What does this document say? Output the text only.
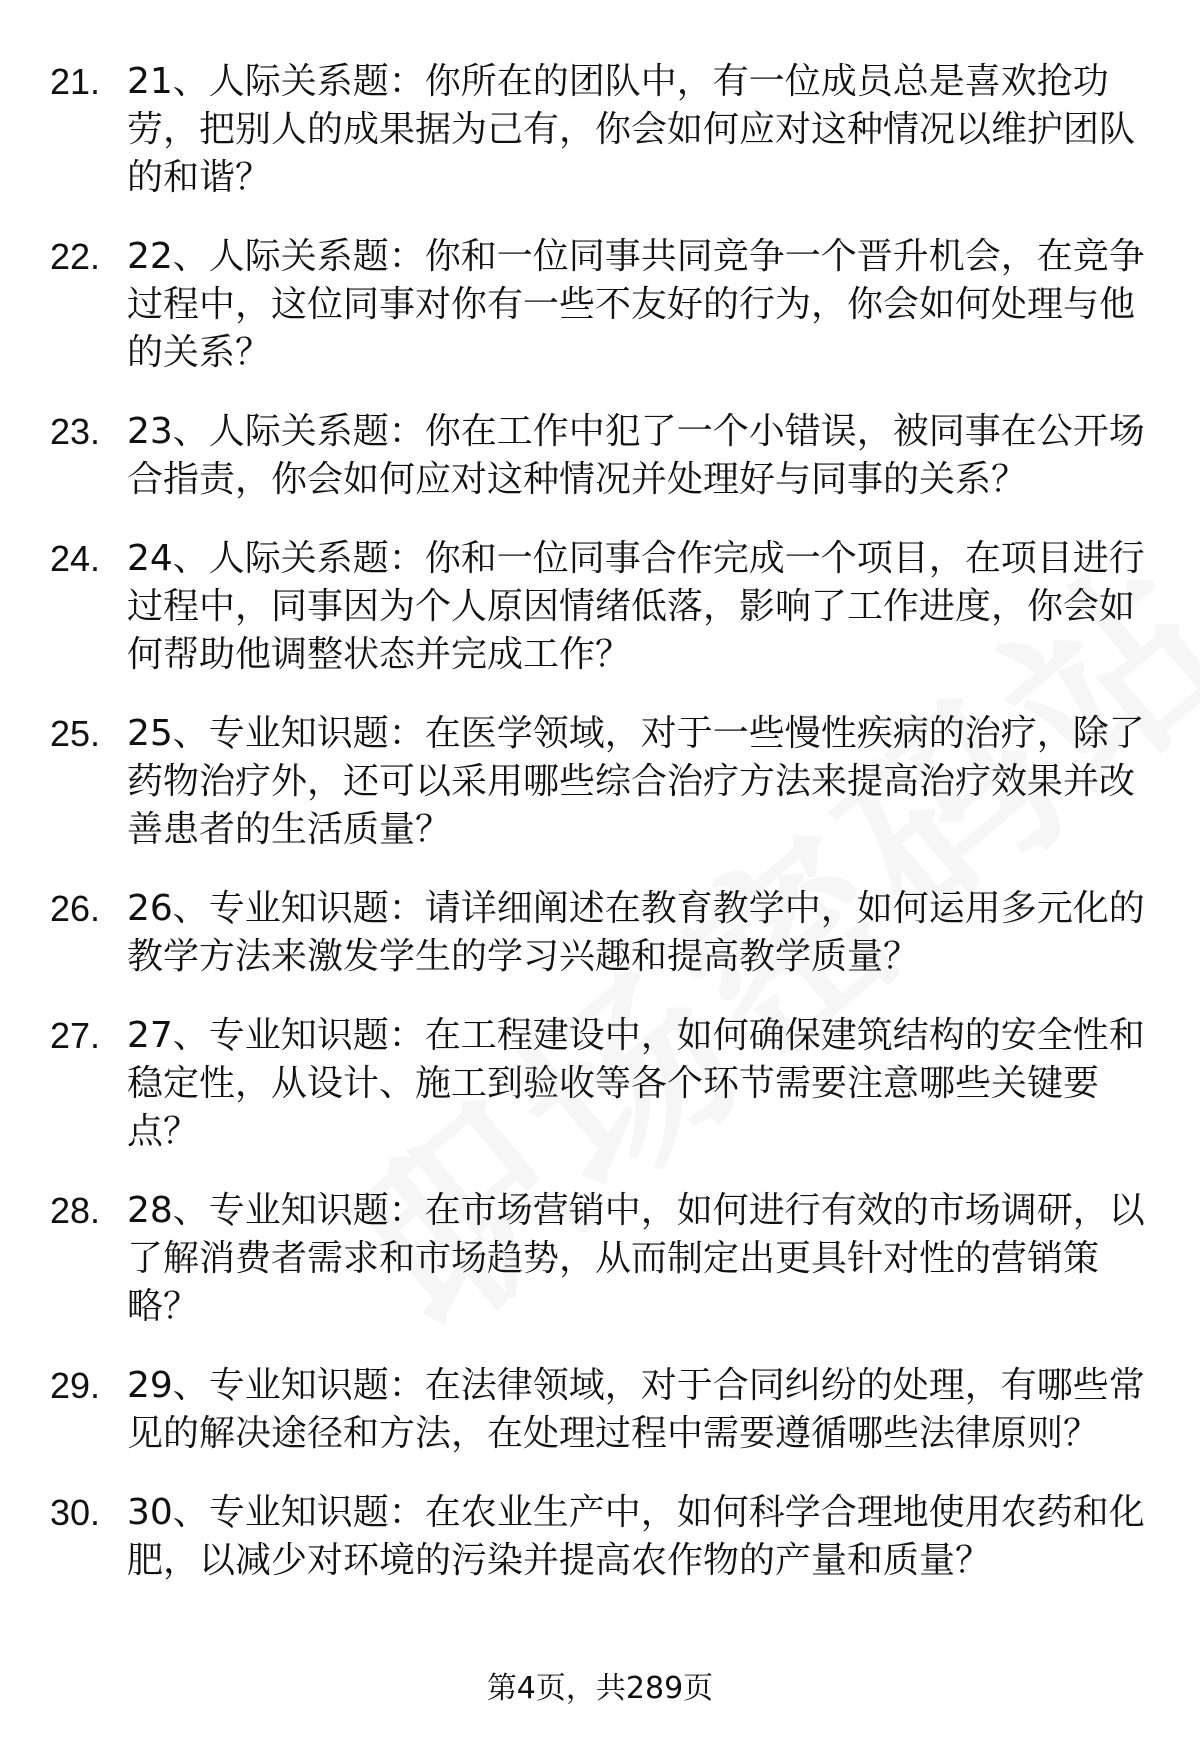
21. 21、人际关系题：你所在的团队中，有一位成员总是喜欢抢功劳，把别人的成果据为己有，你会如何应对这种情况以维护团队的和谐？
22. 22、人际关系题：你和一位同事共同竞争一个晋升机会，在竞争过程中，这位同事对你有一些不友好的行为，你会如何处理与他的关系？
23. 23、人际关系题：你在工作中犯了一个小错误，被同事在公开场合指责，你会如何应对这种情况并处理好与同事的关系？
24. 24、人际关系题：你和一位同事合作完成一个项目，在项目进行过程中，同事因为个人原因情绪低落，影响了工作进度，你会如何帮助他调整状态并完成工作？
25. 25、专业知识题：在医学领域，对于一些慢性疾病的治疗，除了药物治疗外，还可以采用哪些综合治疗方法来提高治疗效果并改善患者的生活质量？
26. 26、专业知识题：请详细阐述在教育教学中，如何运用多元化的教学方法来激发学生的学习兴趣和提高教学质量？
27. 27、专业知识题：在工程建设中，如何确保建筑结构的安全性和稳定性，从设计、施工到验收等各个环节需要注意哪些关键要点？
28. 28、专业知识题：在市场营销中，如何进行有效的市场调研，以了解消费者需求和市场趋势，从而制定出更具针对性的营销策略？
29. 29、专业知识题：在法律领域，对于合同纠纷的处理，有哪些常见的解决途径和方法，在处理过程中需要遵循哪些法律原则？
30. 30、专业知识题：在农业生产中，如何科学合理地使用农药和化肥，以减少对环境的污染并提高农作物的产量和质量？
第4页，共289页
